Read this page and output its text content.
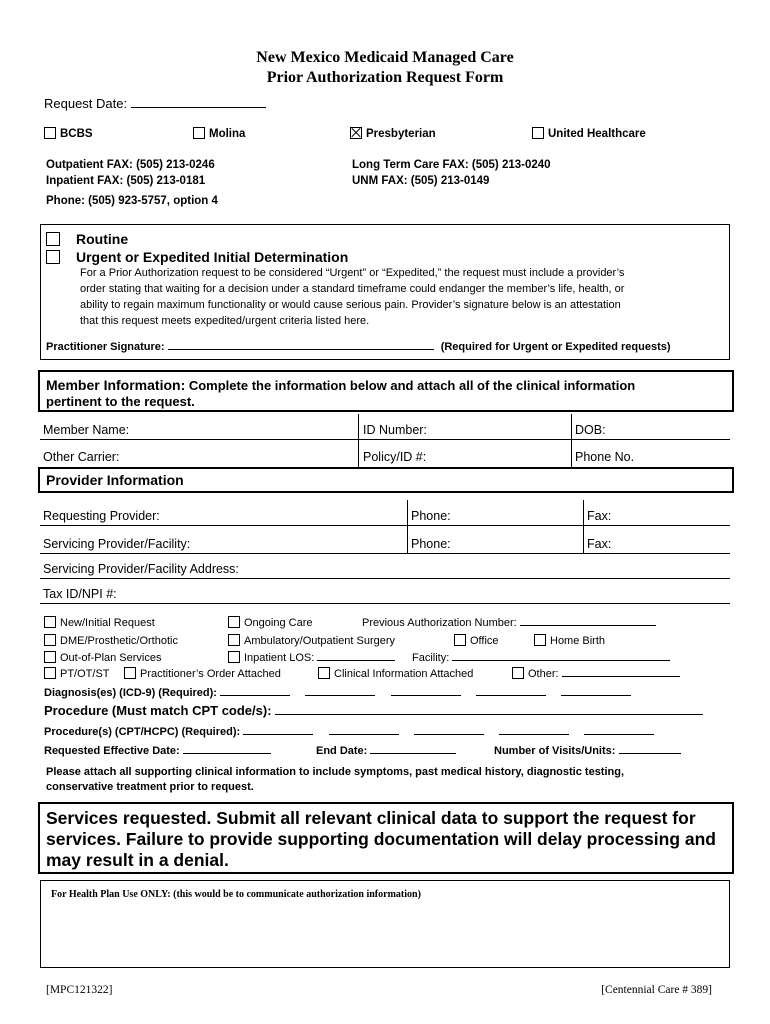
New Mexico Medicaid Managed Care
Prior Authorization Request Form
Request Date:
BCBS	Molina	Presbyterian	United Healthcare
Outpatient FAX: (505) 213-0246
Inpatient FAX: (505) 213-0181
Long Term Care FAX: (505) 213-0240
UNM FAX: (505) 213-0149
Phone: (505) 923-5757, option 4
Routine
Urgent or Expedited Initial Determination
For a Prior Authorization request to be considered “Urgent” or “Expedited,” the request must include a provider’s
order stating that waiting for a decision under a standard timeframe could endanger the member’s life, health, or
ability to regain maximum functionality or would cause serious pain. Provider’s signature below is an attestation
that this request meets expedited/urgent criteria listed here.
Practitioner Signature:	(Required for Urgent or Expedited requests)
Member Information: Complete the information below and attach all of the clinical information
pertinent to the request.
Member Name:	ID Number:	DOB:
Other Carrier:	Policy/ID #:	Phone No.
Provider Information
Requesting Provider:	Phone:	Fax:
Servicing Provider/Facility:	Phone:	Fax:
Servicing Provider/Facility Address:
Tax ID/NPI #:
New/Initial Request	Ongoing Care	Previous Authorization Number:
DME/Prosthetic/Orthotic	Ambulatory/Outpatient Surgery	Office	Home Birth
Out-of-Plan Services	Inpatient LOS:	Facility:
PT/OT/ST	Practitioner’s Order Attached	Clinical Information Attached	Other:
Diagnosis(es) (ICD-9) (Required):
Procedure (Must match CPT code/s):
Procedure(s) (CPT/HCPC) (Required):
Requested Effective Date:	End Date:	Number of Visits/Units:
Please attach all supporting clinical information to include symptoms, past medical history, diagnostic testing,
conservative treatment prior to request.
Services requested. Submit all relevant clinical data to support the request for
services. Failure to provide supporting documentation will delay processing and
may result in a denial.
For Health Plan Use ONLY: (this would be to communicate authorization information)
[MPC121322]	[Centennial Care # 389]
